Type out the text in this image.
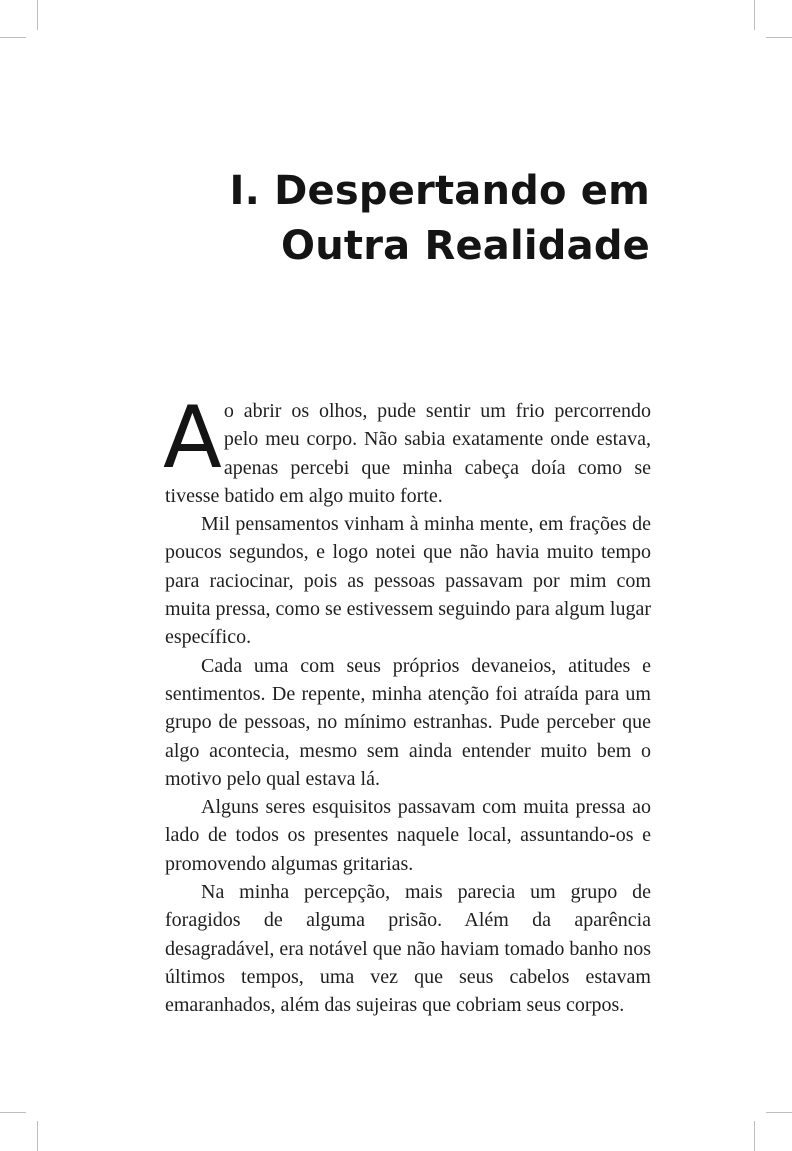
I. Despertando em
Outra Realidade

Ao abrir os olhos, pude sentir um frio percorrendo pelo meu corpo. Não sabia exatamente onde estava, apenas percebi que minha cabeça doía como se tivesse batido em algo muito forte.

Mil pensamentos vinham à minha mente, em frações de poucos segundos, e logo notei que não havia muito tempo para raciocinar, pois as pessoas passavam por mim com muita pressa, como se estivessem seguindo para algum lugar específico.

Cada uma com seus próprios devaneios, atitudes e sentimentos. De repente, minha atenção foi atraída para um grupo de pessoas, no mínimo estranhas. Pude perceber que algo acontecia, mesmo sem ainda entender muito bem o motivo pelo qual estava lá.

Alguns seres esquisitos passavam com muita pressa ao lado de todos os presentes naquele local, assuntando-os e promovendo algumas gritarias.

Na minha percepção, mais parecia um grupo de foragidos de alguma prisão. Além da aparência desagradável, era notável que não haviam tomado banho nos últimos tempos, uma vez que seus cabelos estavam emaranhados, além das sujeiras que cobriam seus corpos.
